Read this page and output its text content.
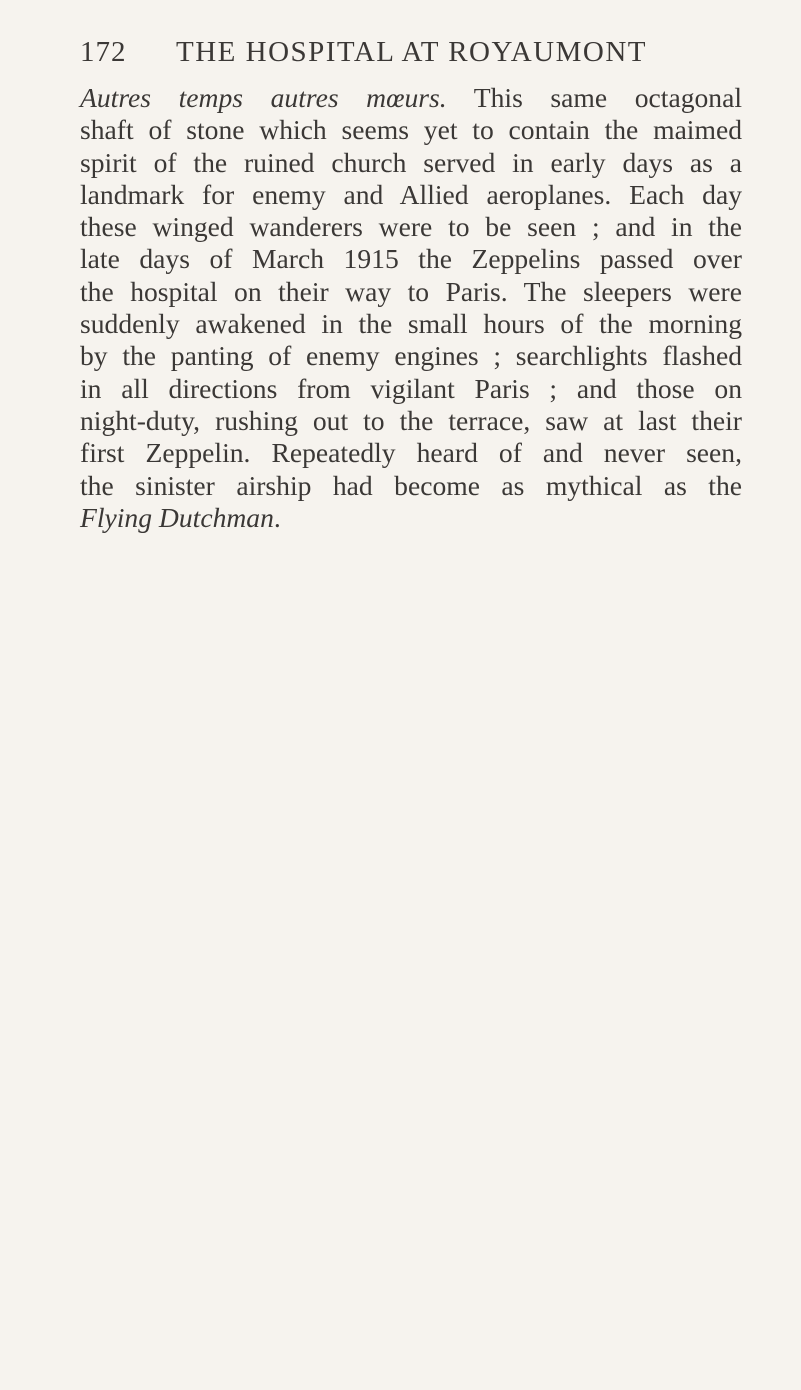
172 THE HOSPITAL AT ROYAUMONT
Autres temps autres mœurs. This same octagonal
shaft of stone which seems yet to contain the maimed
spirit of the ruined church served in early days as a
landmark for enemy and Allied aeroplanes. Each day
these winged wanderers were to be seen ; and in the
late days of March 1915 the Zeppelins passed over
the hospital on their way to Paris. The sleepers were
suddenly awakened in the small hours of the morning
by the panting of enemy engines ; searchlights flashed
in all directions from vigilant Paris ; and those on
night-duty, rushing out to the terrace, saw at last their
first Zeppelin. Repeatedly heard of and never seen,
the sinister airship had become as mythical as the
Flying Dutchman.
